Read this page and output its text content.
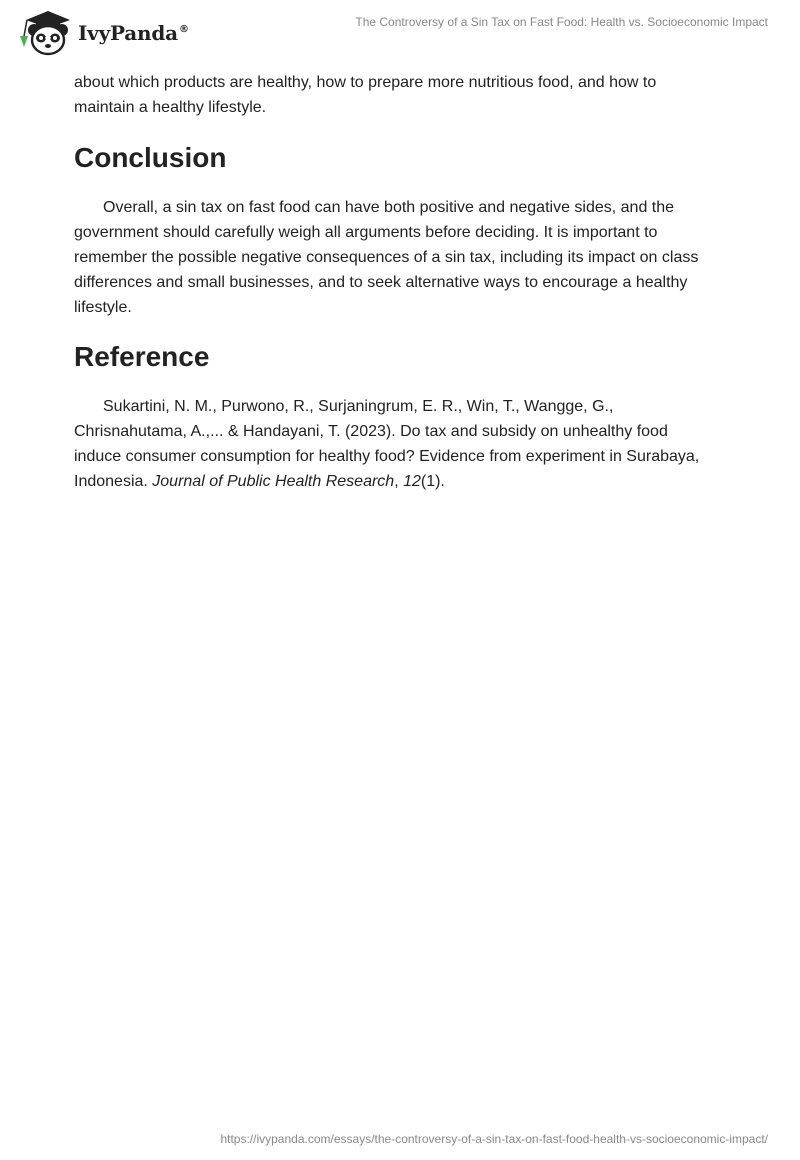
IvyPanda®
The Controversy of a Sin Tax on Fast Food: Health vs. Socioeconomic Impact

about which products are healthy, how to prepare more nutritious food, and how to maintain a healthy lifestyle.

Conclusion

Overall, a sin tax on fast food can have both positive and negative sides, and the government should carefully weigh all arguments before deciding. It is important to remember the possible negative consequences of a sin tax, including its impact on class differences and small businesses, and to seek alternative ways to encourage a healthy lifestyle.

Reference

Sukartini, N. M., Purwono, R., Surjaningrum, E. R., Win, T., Wangge, G., Chrisnahutama, A.,... & Handayani, T. (2023). Do tax and subsidy on unhealthy food induce consumer consumption for healthy food? Evidence from experiment in Surabaya, Indonesia. Journal of Public Health Research, 12(1).

https://ivypanda.com/essays/the-controversy-of-a-sin-tax-on-fast-food-health-vs-socioeconomic-impact/
